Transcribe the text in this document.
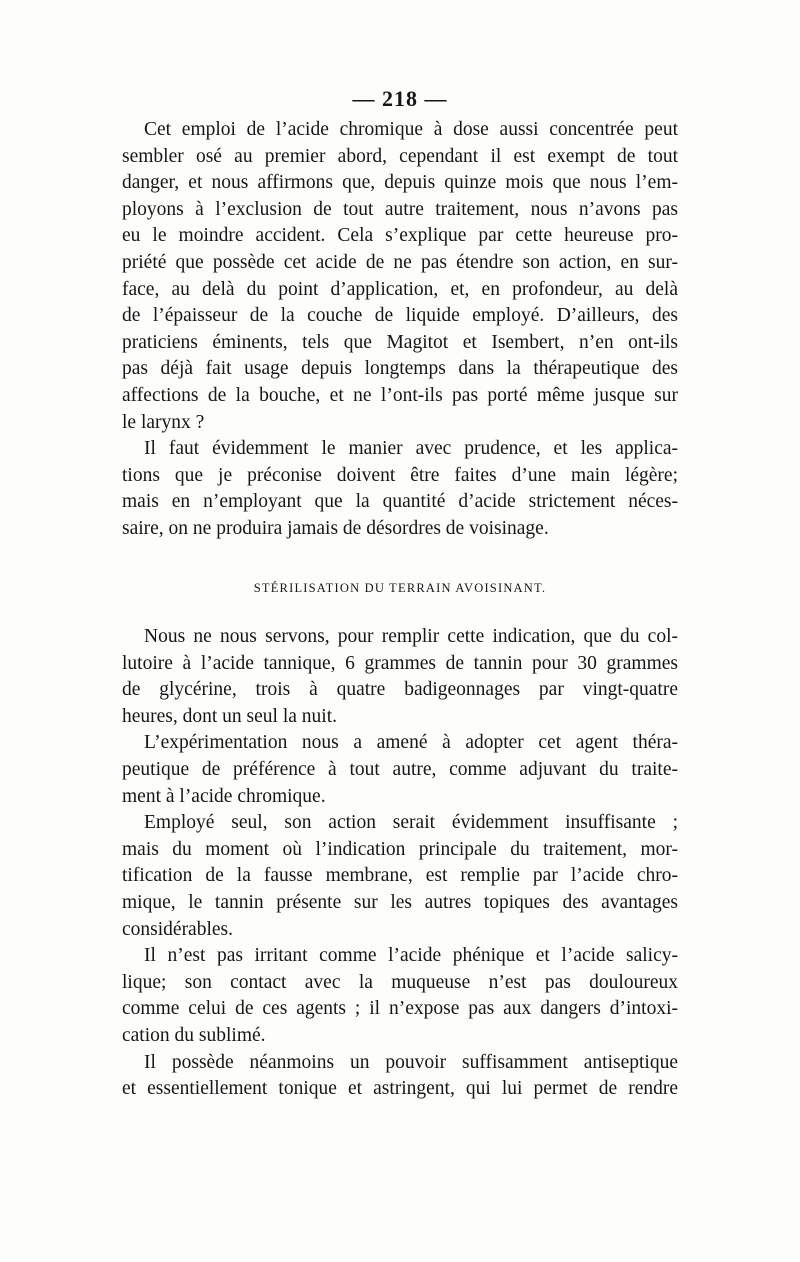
— 218 —
Cet emploi de l’acide chromique à dose aussi concentrée peut
sembler osé au premier abord, cependant il est exempt de tout
danger, et nous affirmons que, depuis quinze mois que nous l’em-
ployons à l’exclusion de tout autre traitement, nous n’avons pas
eu le moindre accident. Cela s’explique par cette heureuse pro-
priété que possède cet acide de ne pas étendre son action, en sur-
face, au delà du point d’application, et, en profondeur, au delà
de l’épaisseur de la couche de liquide employé. D’ailleurs, des
praticiens éminents, tels que Magitot et Isembert, n’en ont-ils
pas déjà fait usage depuis longtemps dans la thérapeutique des
affections de la bouche, et ne l’ont-ils pas porté même jusque sur
le larynx ?
Il faut évidemment le manier avec prudence, et les applica-
tions que je préconise doivent être faites d’une main légère;
mais en n’employant que la quantité d’acide strictement néces-
saire, on ne produira jamais de désordres de voisinage.
STÉRILISATION DU TERRAIN AVOISINANT.
Nous ne nous servons, pour remplir cette indication, que du col-
lutoire à l’acide tannique, 6 grammes de tannin pour 30 grammes
de glycérine, trois à quatre badigeonnages par vingt-quatre
heures, dont un seul la nuit.
L’expérimentation nous a amené à adopter cet agent théra-
peutique de préférence à tout autre, comme adjuvant du traite-
ment à l’acide chromique.
Employé seul, son action serait évidemment insuffisante ;
mais du moment où l’indication principale du traitement, mor-
tification de la fausse membrane, est remplie par l’acide chro-
mique, le tannin présente sur les autres topiques des avantages
considérables.
Il n’est pas irritant comme l’acide phénique et l’acide salicy-
lique; son contact avec la muqueuse n’est pas douloureux
comme celui de ces agents ; il n’expose pas aux dangers d’intoxi-
cation du sublimé.
Il possède néanmoins un pouvoir suffisamment antiseptique
et essentiellement tonique et astringent, qui lui permet de rendre
